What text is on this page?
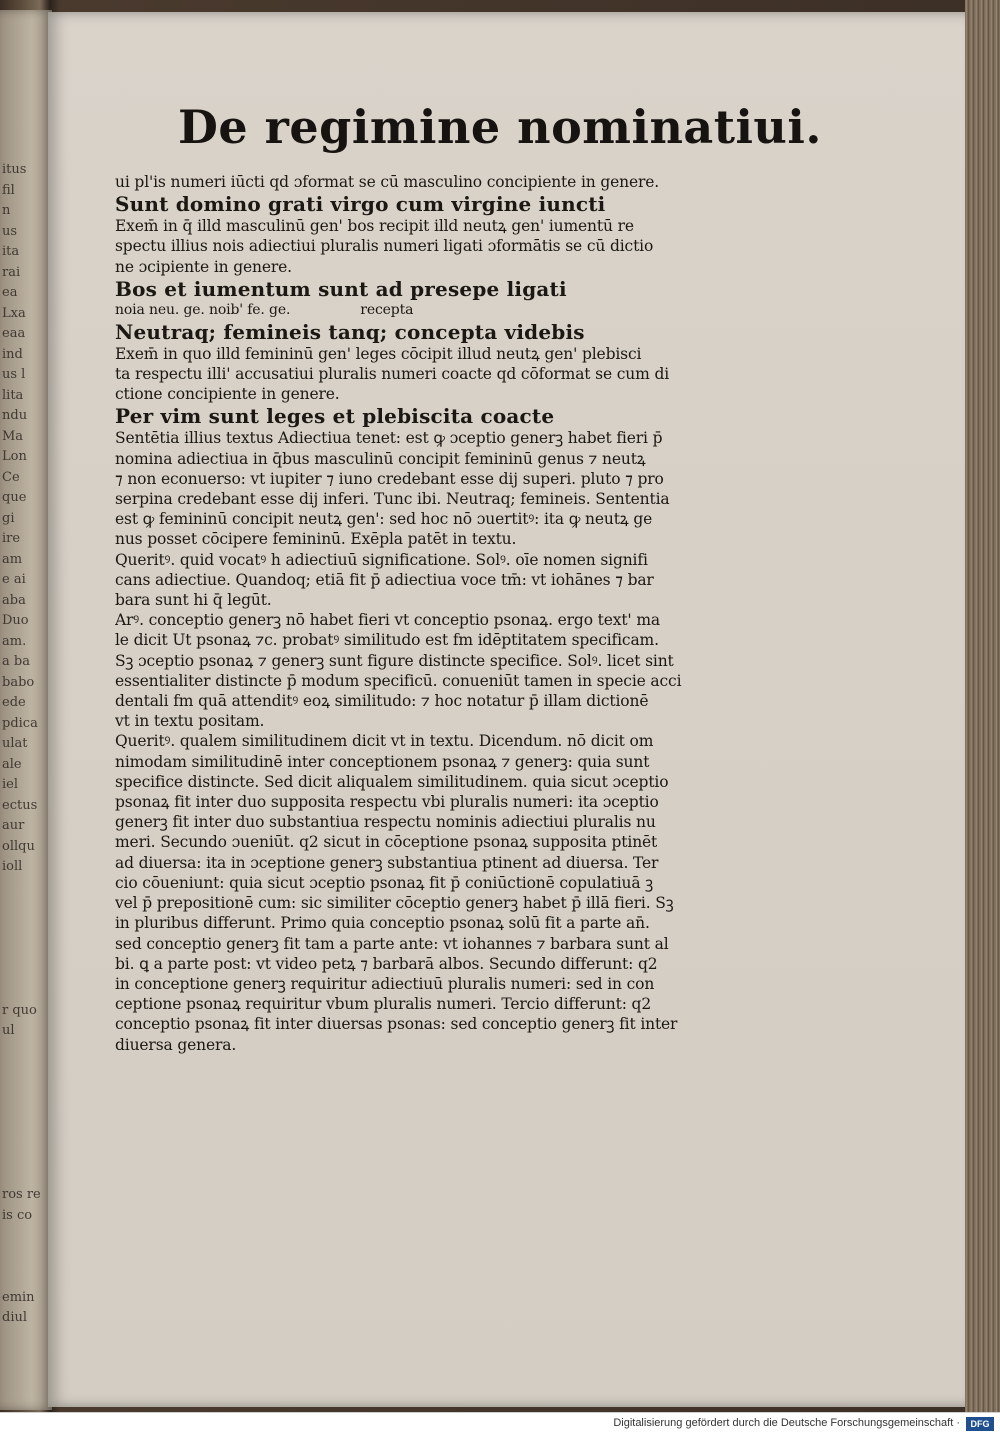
itus
fil
n
us
ita
rai
ea
Lxa
eaa
ind
us l
lita
ndu
Ma
Lon
Ce
que
gi
ire
am
e ai
aba
Duo
am.
a ba
babo
ede
pdica
ulat
ale
iel
ectus
aur
ollqu
ioll
r quo
ul
ros re
is co
emin
diul
De regimine nominatiui.
ui pl'is numeri iūcti qd ɔformat se cū masculino concipiente in genere.
Sunt domino grati virgo cum virgine iuncti
Exem̄ in q̄ illd masculinū gen' bos recipit illd neutꝝ gen' iumentū re
spectu illius nois adiectiui pluralis numeri ligati ɔformātis se cū dictio
ne ɔcipiente in genere.
Bos et iumentum sunt ad presepe ligati
noia neu. ge. noib' fe. ge.	recepta
Neutraq; femineis tanq; concepta videbis
Exem̄ in quo illd femininū gen' leges cōcipit illud neutꝝ gen' plebisci
ta respectu illi' accusatiui pluralis numeri coacte qd cōformat se cum di
ctione concipiente in genere.
Per vim sunt leges et plebiscita coacte
Sentētia illius textus Adiectiua tenet: est ꝙ ɔceptio generꝫ habet fieri p̄
nomina adiectiua in q̄bus masculinū concipit femininū genus ⁊ neutꝝ
⁊ non econuerso: vt iupiter ⁊ iuno credebant esse dij superi. pluto ⁊ pro
serpina credebant esse dij inferi. Tunc ibi. Neutraq; femineis. Sententia
est ꝙ femininū concipit neutꝝ gen': sed hoc nō ɔuertitꝰ: ita ꝙ neutꝝ ge
nus posset cōcipere femininū. Exēpla patēt in textu.
Queritꝰ. quid vocatꝰ h adiectiuū significatione. Solꝰ. oīe nomen signifi
cans adiectiue. Quandoq; etiā fit p̄ adiectiua voce tm̄: vt iohānes ⁊ bar
bara sunt hi q̄ legūt.
Arꝰ. conceptio generꝫ nō habet fieri vt conceptio psonaꝝ. ergo text' ma
le dicit Ut psonaꝝ ⁊c. probatꝰ similitudo est fm idēptitatem specificam.
Sꝫ ɔceptio psonaꝝ ⁊ generꝫ sunt figure distincte specifice. Solꝰ. licet sint
essentialiter distincte p̄ modum specificū. conueniūt tamen in specie acci
dentali fm quā attenditꝰ eoꝝ similitudo: ⁊ hoc notatur p̄ illam dictionē
vt in textu positam.
Queritꝰ. qualem similitudinem dicit vt in textu. Dicendum. nō dicit om
nimodam similitudinē inter conceptionem psonaꝝ ⁊ generꝫ: quia sunt
specifice distincte. Sed dicit aliqualem similitudinem. quia sicut ɔceptio
psonaꝝ fit inter duo supposita respectu vbi pluralis numeri: ita ɔceptio
generꝫ fit inter duo substantiua respectu nominis adiectiui pluralis nu
meri. Secundo ɔueniūt. q2 sicut in cōceptione psonaꝝ supposita ptinēt
ad diuersa: ita in ɔceptione generꝫ substantiua ptinent ad diuersa. Ter
cio cōueniunt: quia sicut ɔceptio psonaꝝ fit p̄ coniūctionē copulatiuā ꝫ
vel p̄ prepositionē cum: sic similiter cōceptio generꝫ habet p̄ illā fieri. Sꝫ
in pluribus differunt. Primo quia conceptio psonaꝝ solū fit a parte an̄.
sed conceptio generꝫ fit tam a parte ante: vt iohannes ⁊ barbara sunt al
bi. ꝗ a parte post: vt video petꝝ ⁊ barbarā albos. Secundo differunt: q2
in conceptione generꝫ requiritur adiectiuū pluralis numeri: sed in con
ceptione psonaꝝ requiritur vbum pluralis numeri. Tercio differunt: q2
conceptio psonaꝝ fit inter diuersas psonas: sed conceptio generꝫ fit inter
diuersa genera.
Digitalisierung gefördert durch die Deutsche Forschungsgemeinschaft ·	DFG
